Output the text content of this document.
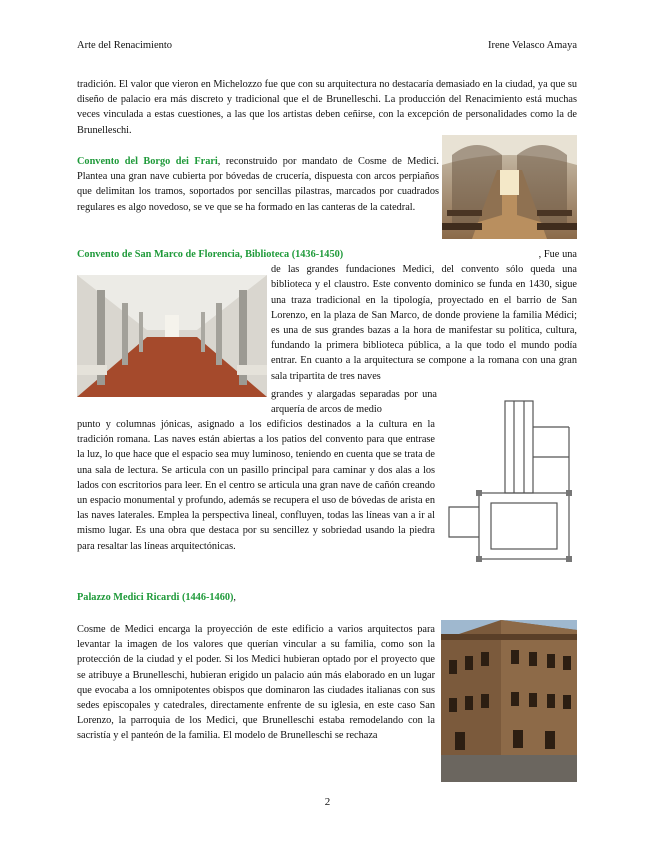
Arte del Renacimiento	Irene Velasco Amaya
tradición. El valor que vieron en Michelozzo fue que con su arquitectura no destacaría demasiado en la ciudad, ya que su diseño de palacio era más discreto y tradicional que el de Brunelleschi. La producción del Renacimiento está muchas veces vinculada a estas cuestiones, a las que los artistas deben ceñirse, con la excepción de personalidades como la de Brunelleschi.
Convento del Borgo dei Frari, reconstruido por mandato de Cosme de Medici. Plantea una gran nave cubierta por bóvedas de crucería, dispuesta con arcos perpiaños que delimitan los tramos, soportados por sencillas pilastras, marcados por cuadrados regulares es algo novedoso, se ve que se ha formado en las canteras de la catedral.
Convento de San Marco de Florencia, Biblioteca (1436-1450)	, Fue una de las grandes fundaciones Medici, del convento sólo queda una biblioteca y el claustro. Este convento dominico se funda en 1430, sigue una traza tradicional en la tipología, proyectado en el barrio de San Lorenzo, en la plaza de San Marco, de donde proviene la familia Médici; es una de sus grandes bazas a la hora de manifestar su política, cultura, fundando la primera biblioteca pública, a la que todo el mundo podía entrar. En cuanto a la arquitectura se compone a la romana con una gran sala tripartita de tres naves
grandes y alargadas separadas por una arquería de arcos de medio
punto y columnas jónicas, asignado a los edificios destinados a la cultura en la tradición romana. Las naves están abiertas a los patios del convento para que entrase la luz, lo que hace que el espacio sea muy luminoso, teniendo en cuenta que se trata de una sala de lectura. Se articula con un pasillo principal para caminar y dos alas a los lados con escritorios para leer. En el centro se articula una gran nave de cañón creando un espacio monumental y profundo, además se recupera el uso de bóvedas de arista en las naves laterales. Emplea la perspectiva lineal, confluyen, todas las líneas van a ir al mismo lugar. Es una obra que destaca por su sencillez y sobriedad usando la piedra para resaltar las líneas arquitectónicas.
Palazzo Medici Ricardi (1446-1460),
Cosme de Medici encarga la proyección de este edificio a varios arquitectos para levantar la imagen de los valores que querían vincular a su familia, como son la protección de la ciudad y el poder. Si los Medici hubieran optado por el proyecto que se atribuye a Brunelleschi, hubieran erigido un palacio aún más elaborado en un lugar que evocaba a los omnipotentes obispos que dominaron las ciudades italianas con sus sedes episcopales y catedrales, directamente enfrente de su iglesia, en este caso San Lorenzo, la parroquia de los Medici, que Brunelleschi estaba remodelando con la sacristía y el panteón de la familia. El modelo de Brunelleschi se rechaza
2
